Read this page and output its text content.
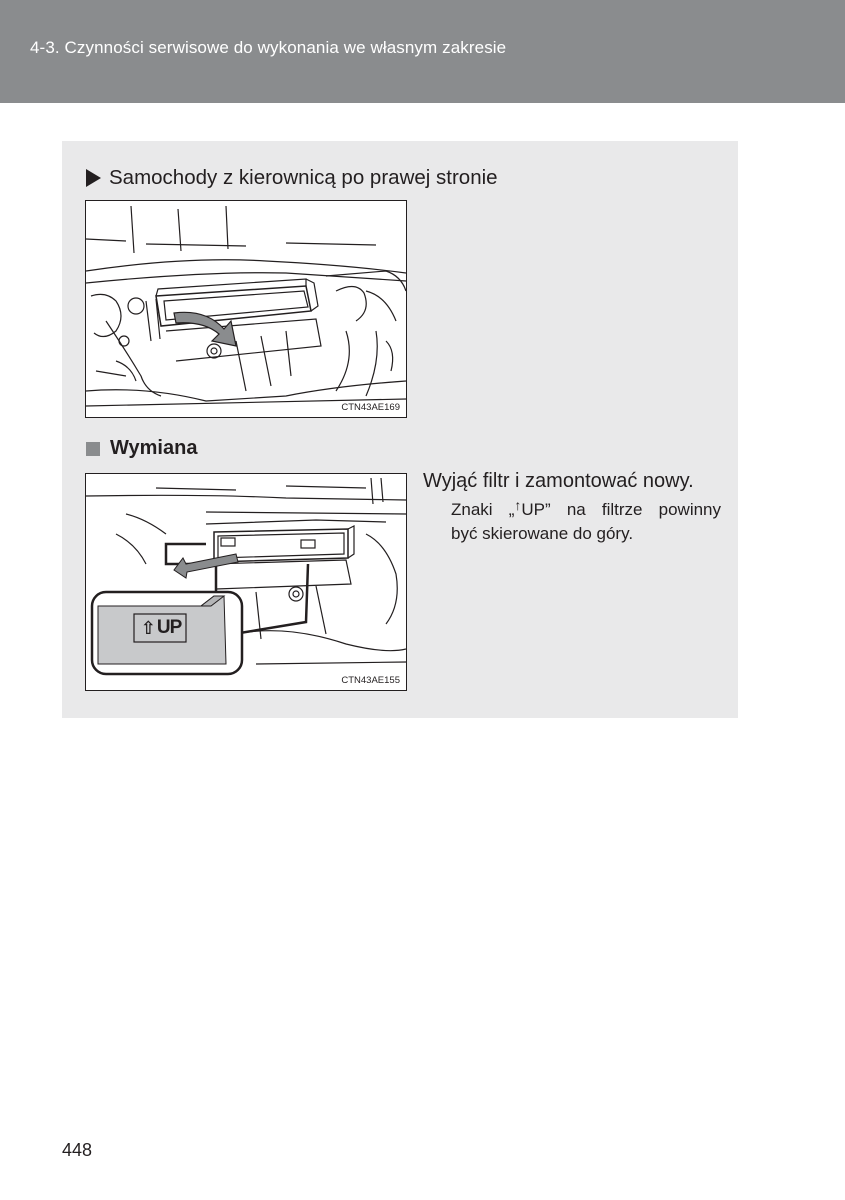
4-3. Czynności serwisowe do wykonania we własnym zakresie
Samochody z kierownicą po prawej stronie
CTN43AE169
Wymiana
⇧ UP
CTN43AE155
Wyjąć filtr i zamontować nowy.
Znaki „↑UP” na filtrze powinny
być skierowane do góry.
448
